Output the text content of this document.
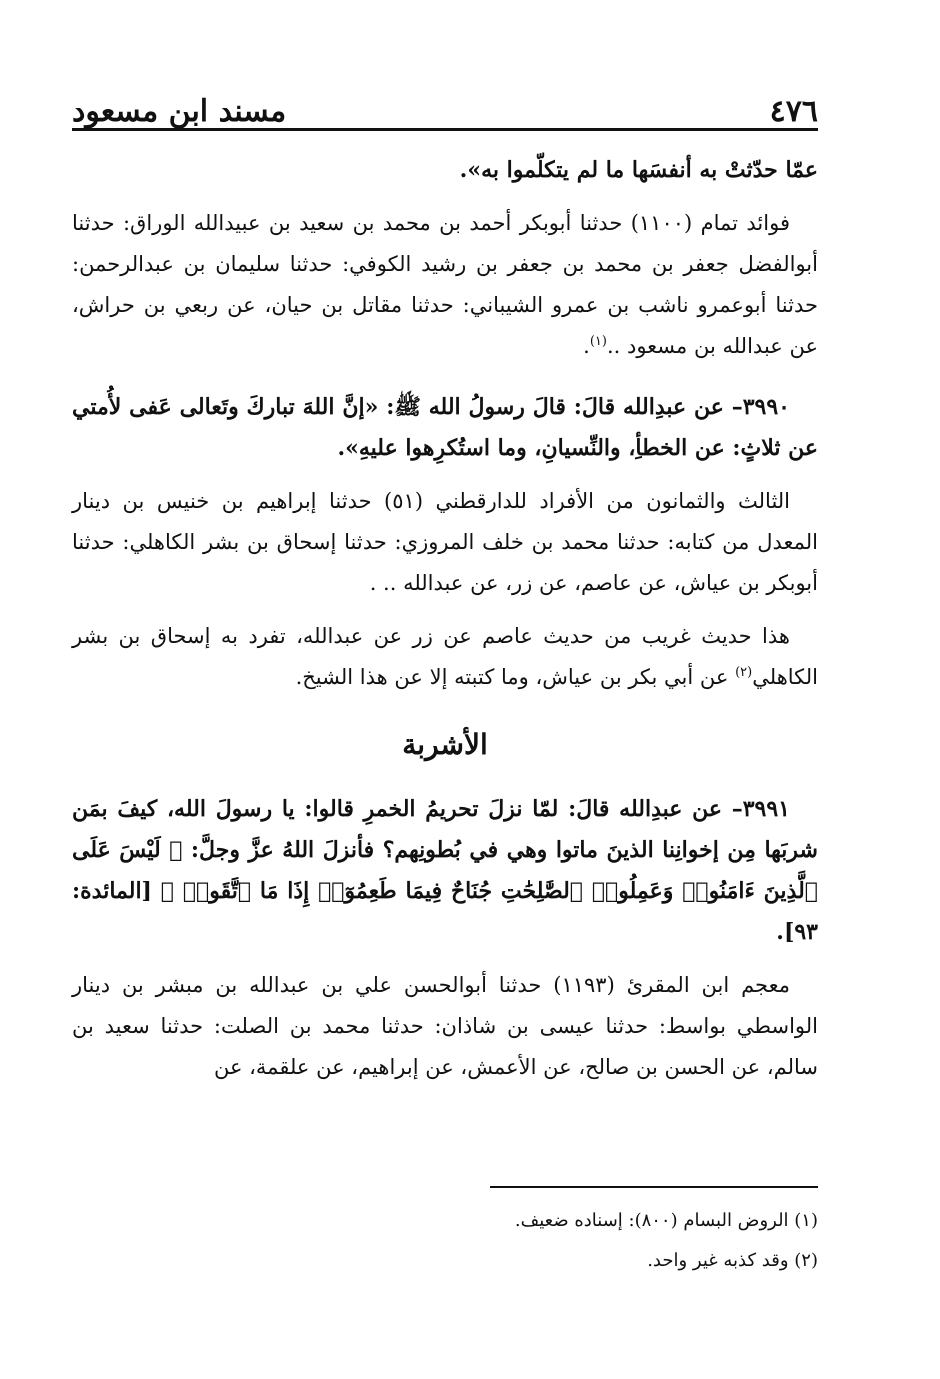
٤٧٦
مسند ابن مسعود

عمّا حدّثتْ به أنفسَها ما لم يتكلّموا به».

فوائد تمام (١١٠٠) حدثنا أبوبكر أحمد بن محمد بن سعيد بن عبيدالله الوراق: حدثنا أبوالفضل جعفر بن محمد بن جعفر بن رشيد الكوفي: حدثنا سليمان بن عبدالرحمن: حدثنا أبوعمرو ناشب بن عمرو الشيباني: حدثنا مقاتل بن حيان، عن ربعي بن حراش، عن عبدالله بن مسعود ..$^{(١)}$.

٣٩٩٠– عن عبدِالله قالَ: قالَ رسولُ الله ﷺ: «إنَّ اللهَ تباركَ وتَعالى عَفى لأُمتي عن ثلاثٍ: عن الخطأِ، والنِّسيانِ، وما استُكرِهوا عليهِ».

الثالث والثمانون من الأفراد للدارقطني (٥١) حدثنا إبراهيم بن خنيس بن دينار المعدل من كتابه: حدثنا محمد بن خلف المروزي: حدثنا إسحاق بن بشر الكاهلي: حدثنا أبوبكر بن عياش، عن عاصم، عن زر، عن عبدالله .. .

هذا حديث غريب من حديث عاصم عن زر عن عبدالله، تفرد به إسحاق بن بشر الكاهلي$^{(٢)}$ عن أبي بكر بن عياش، وما كتبته إلا عن هذا الشيخ.

الأشربة

٣٩٩١– عن عبدِالله قالَ: لمّا نزلَ تحريمُ الخمرِ قالوا: يا رسولَ الله، كيفَ بمَن شربَها مِن إخوانِنا الذينَ ماتوا وهي في بُطونِهم؟ فأنزلَ اللهُ عزَّ وجلَّ: ﴿ لَيْسَ عَلَى ٱلَّذِينَ ءَامَنُوا۟ وَعَمِلُوا۟ ٱلصَّٰلِحَٰتِ جُنَاحٌ فِيمَا طَعِمُوٓا۟ إِذَا مَا ٱتَّقَوا۟ ﴾ [المائدة: ٩٣].

معجم ابن المقرئ (١١٩٣) حدثنا أبوالحسن علي بن عبدالله بن مبشر بن دينار الواسطي بواسط: حدثنا عيسى بن شاذان: حدثنا محمد بن الصلت: حدثنا سعيد بن سالم، عن الحسن بن صالح، عن الأعمش، عن إبراهيم، عن علقمة، عن

(١) الروض البسام (٨٠٠): إسناده ضعيف.

(٢) وقد كذبه غير واحد.
